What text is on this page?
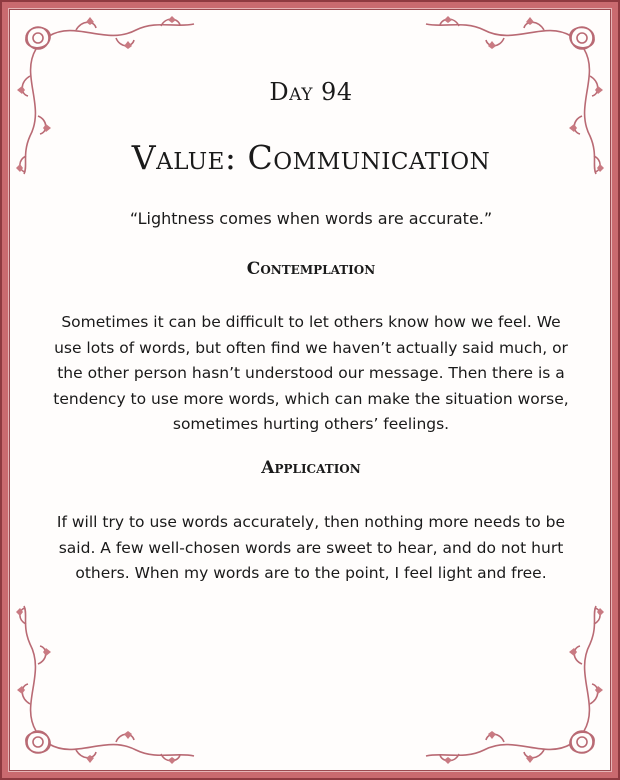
Day 94
Value: Communication
“Lightness comes when words are accurate.”
Contemplation
Sometimes it can be difficult to let others know how we feel. We use lots of words, but often find we haven’t actually said much, or the other person hasn’t understood our message. Then there is a tendency to use more words, which can make the situation worse, sometimes hurting others’ feelings.
Application
If will try to use words accurately, then nothing more needs to be said. A few well-chosen words are sweet to hear, and do not hurt others. When my words are to the point, I feel light and free.
